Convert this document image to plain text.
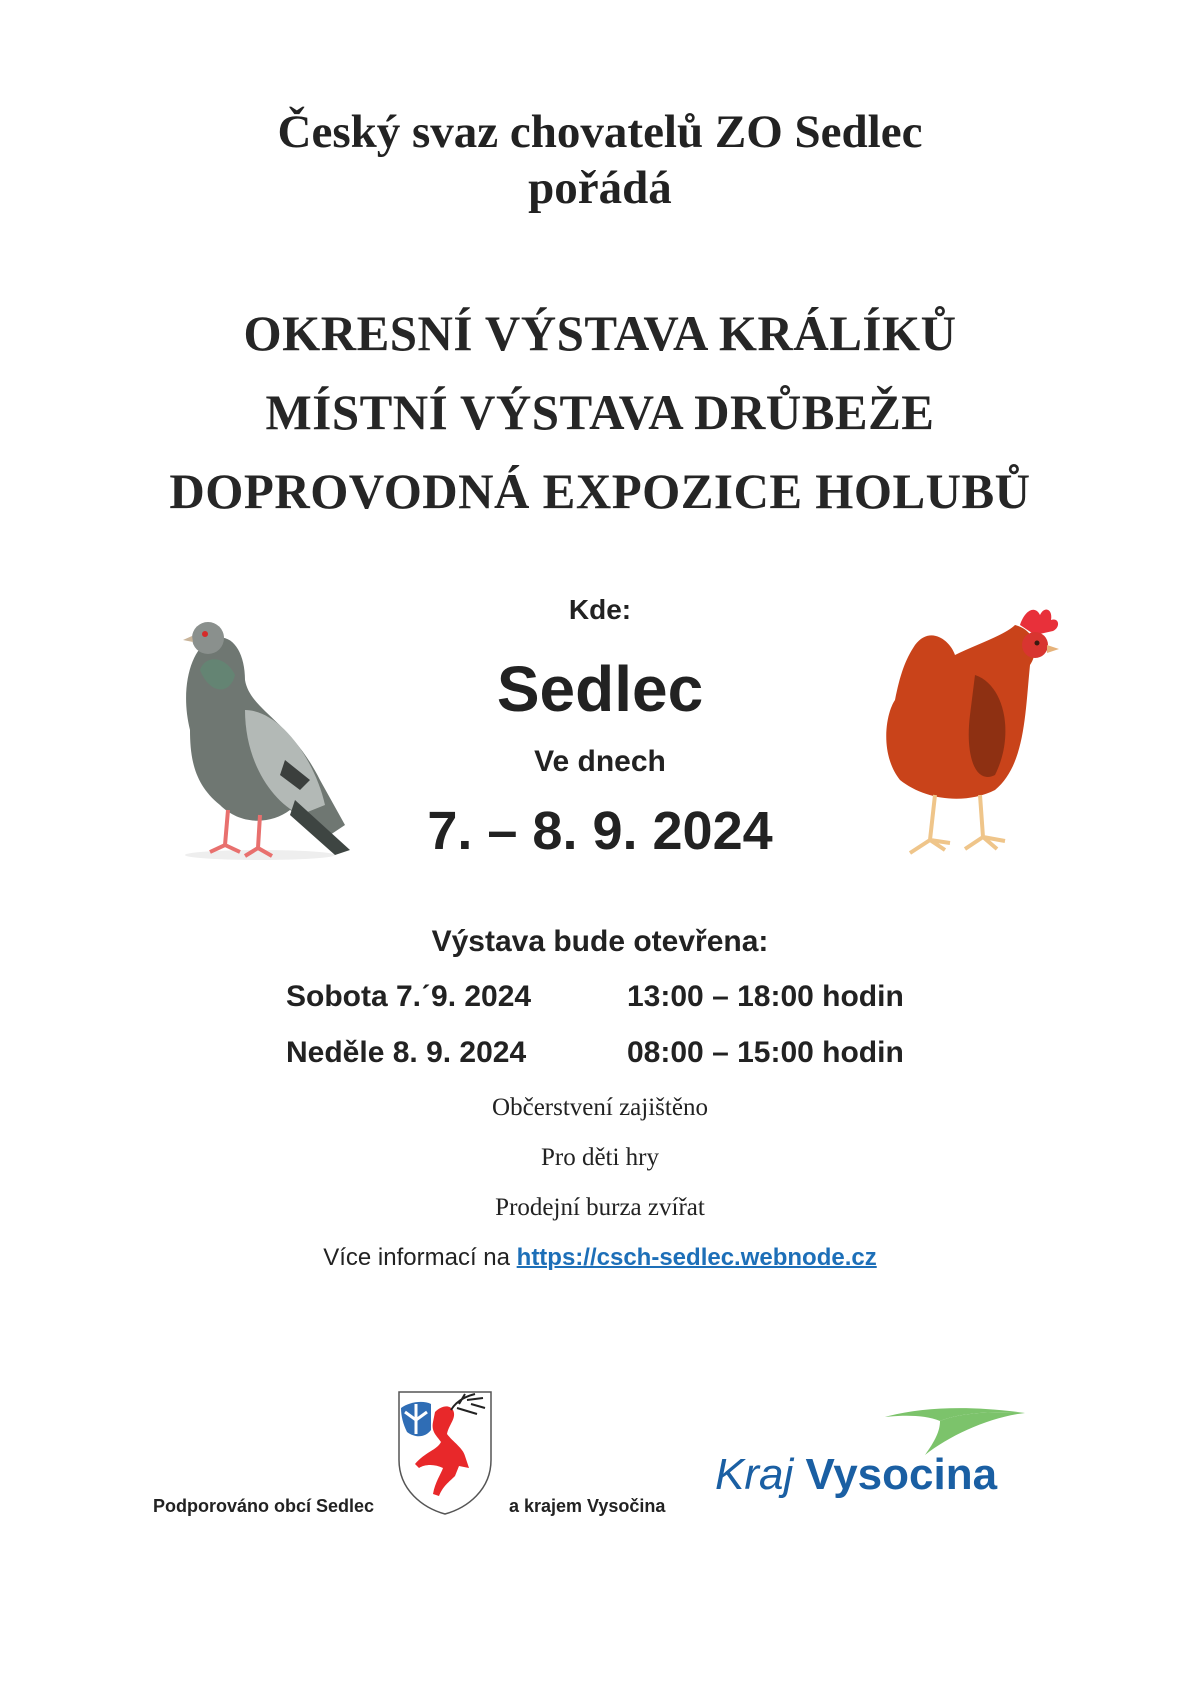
Český svaz chovatelů ZO Sedlec
pořádá
OKRESNÍ VÝSTAVA KRÁLÍKŮ
MÍSTNÍ VÝSTAVA DRŮBEŽE
DOPROVODNÁ EXPOZICE HOLUBŮ
Kde:
Sedlec
Ve dnech
7. – 8. 9. 2024
Výstava bude otevřena:
Sobota 7.ˊ9. 2024	13:00 – 18:00 hodin
Neděle 8. 9. 2024	08:00 – 15:00 hodin
Občerstvení zajištěno
Pro děti hry
Prodejní burza zvířat
Více informací na https://csch-sedlec.webnode.cz
Podporováno obcí Sedlec	a krajem Vysočina
Kraj Vysocina
